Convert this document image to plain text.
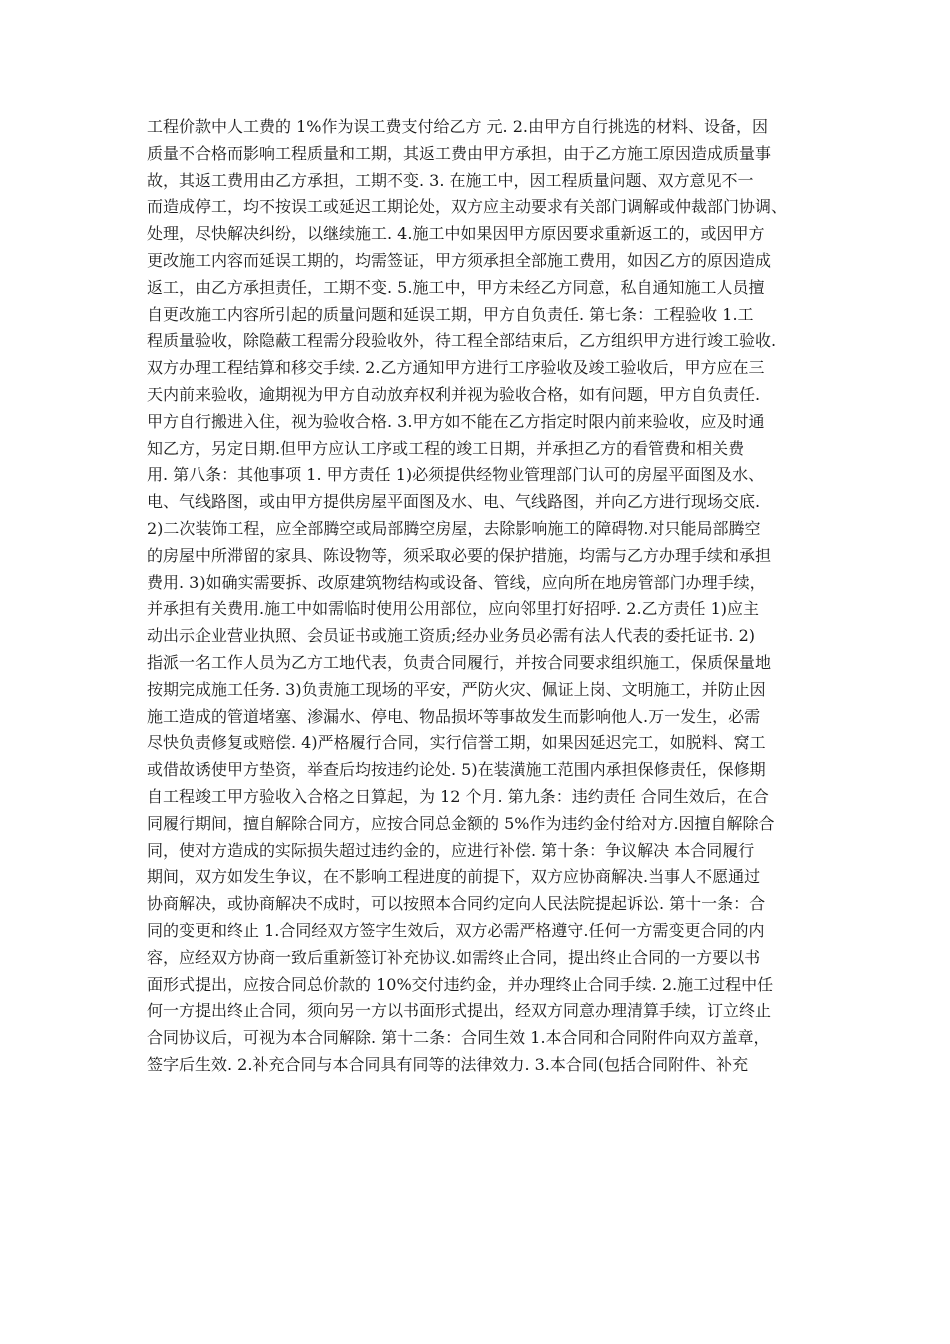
工程价款中人工费的 1%作为误工费支付给乙方 元. 2.由甲方自行挑选的材料、设备，因
质量不合格而影响工程质量和工期，其返工费由甲方承担，由于乙方施工原因造成质量事
故，其返工费用由乙方承担，工期不变. 3. 在施工中，因工程质量问题、双方意见不一
而造成停工，均不按误工或延迟工期论处，双方应主动要求有关部门调解或仲裁部门协调、
处理，尽快解决纠纷，以继续施工. 4.施工中如果因甲方原因要求重新返工的，或因甲方
更改施工内容而延误工期的，均需签证，甲方须承担全部施工费用，如因乙方的原因造成
返工，由乙方承担责任，工期不变. 5.施工中，甲方未经乙方同意，私自通知施工人员擅
自更改施工内容所引起的质量问题和延误工期，甲方自负责任. 第七条：工程验收 1.工
程质量验收，除隐蔽工程需分段验收外，待工程全部结束后，乙方组织甲方进行竣工验收.
双方办理工程结算和移交手续. 2.乙方通知甲方进行工序验收及竣工验收后，甲方应在三
天内前来验收，逾期视为甲方自动放弃权利并视为验收合格，如有问题，甲方自负责任.
甲方自行搬进入住，视为验收合格. 3.甲方如不能在乙方指定时限内前来验收，应及时通
知乙方，另定日期.但甲方应认工序或工程的竣工日期，并承担乙方的看管费和相关费
用. 第八条：其他事项 1. 甲方责任 1)必须提供经物业管理部门认可的房屋平面图及水、
电、气线路图，或由甲方提供房屋平面图及水、电、气线路图，并向乙方进行现场交底.
2)二次装饰工程，应全部腾空或局部腾空房屋，去除影响施工的障碍物.对只能局部腾空
的房屋中所滞留的家具、陈设物等，须采取必要的保护措施，均需与乙方办理手续和承担
费用. 3)如确实需要拆、改原建筑物结构或设备、管线，应向所在地房管部门办理手续，
并承担有关费用.施工中如需临时使用公用部位，应向邻里打好招呼. 2.乙方责任 1)应主
动出示企业营业执照、会员证书或施工资质;经办业务员必需有法人代表的委托证书. 2)
指派一名工作人员为乙方工地代表，负责合同履行，并按合同要求组织施工，保质保量地
按期完成施工任务. 3)负责施工现场的平安，严防火灾、佩证上岗、文明施工，并防止因
施工造成的管道堵塞、渗漏水、停电、物品损坏等事故发生而影响他人.万一发生，必需
尽快负责修复或赔偿. 4)严格履行合同，实行信誉工期，如果因延迟完工，如脱料、窝工
或借故诱使甲方垫资，举查后均按违约论处. 5)在装潢施工范围内承担保修责任，保修期
自工程竣工甲方验收入合格之日算起，为 12 个月. 第九条：违约责任 合同生效后，在合
同履行期间，擅自解除合同方，应按合同总金额的 5%作为违约金付给对方.因擅自解除合
同，使对方造成的实际损失超过违约金的，应进行补偿. 第十条：争议解决 本合同履行
期间，双方如发生争议，在不影响工程进度的前提下，双方应协商解决.当事人不愿通过
协商解决，或协商解决不成时，可以按照本合同约定向人民法院提起诉讼. 第十一条：合
同的变更和终止 1.合同经双方签字生效后，双方必需严格遵守.任何一方需变更合同的内
容，应经双方协商一致后重新签订补充协议.如需终止合同，提出终止合同的一方要以书
面形式提出，应按合同总价款的 10%交付违约金，并办理终止合同手续. 2.施工过程中任
何一方提出终止合同，须向另一方以书面形式提出，经双方同意办理清算手续，订立终止
合同协议后，可视为本合同解除. 第十二条：合同生效 1.本合同和合同附件向双方盖章，
签字后生效. 2.补充合同与本合同具有同等的法律效力. 3.本合同(包括合同附件、补充
